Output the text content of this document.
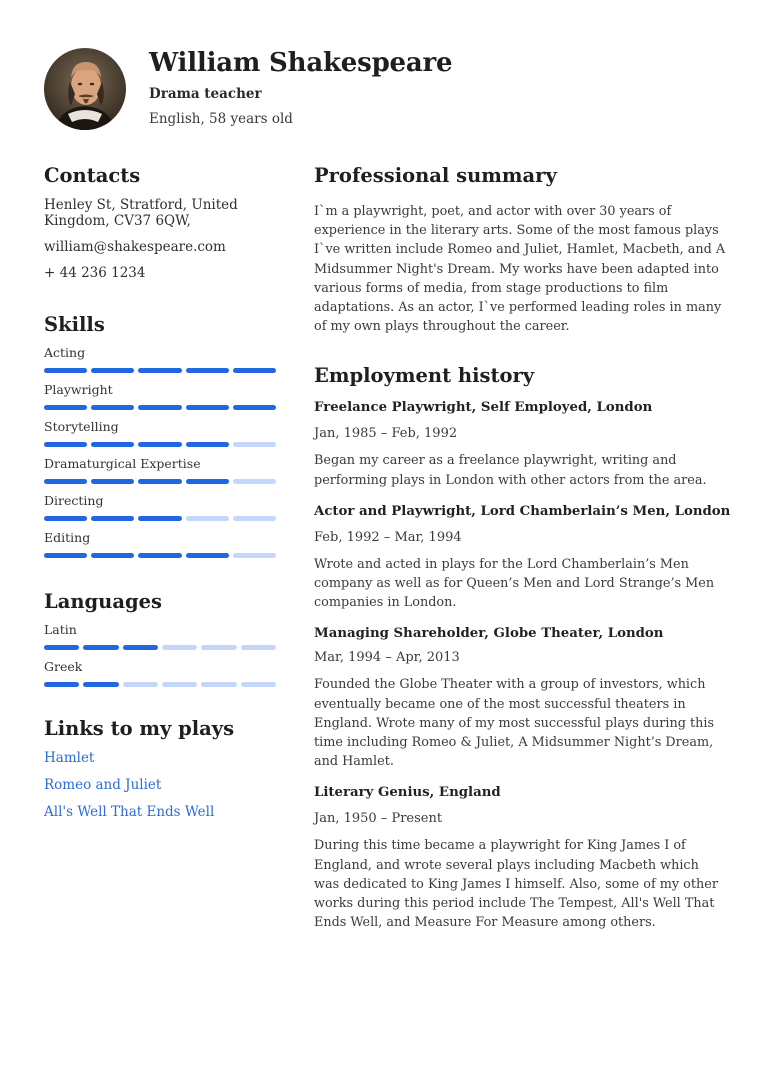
William Shakespeare
Drama teacher
English, 58 years old
Contacts
Henley St, Stratford, United Kingdom, CV37 6QW,
william@shakespeare.com
+ 44 236 1234
Skills
Acting
Playwright
Storytelling
Dramaturgical Expertise
Directing
Editing
Languages
Latin
Greek
Links to my plays
Hamlet
Romeo and Juliet
All's Well That Ends Well
Professional summary

I`m a playwright, poet, and actor with over 30 years of experience in the literary arts. Some of the most famous plays I`ve written include Romeo and Juliet, Hamlet, Macbeth, and A Midsummer Night's Dream. My works have been adapted into various forms of media, from stage productions to film adaptations. As an actor, I`ve performed leading roles in many of my own plays throughout the career.

Employment history
Freelance Playwright, Self Employed, London
Jan, 1985 – Feb, 1992

Began my career as a freelance playwright, writing and performing plays in London with other actors from the area.

Actor and Playwright, Lord Chamberlain’s Men, London
Feb, 1992 – Mar, 1994

Wrote and acted in plays for the Lord Chamberlain’s Men company as well as for Queen’s Men and Lord Strange’s Men companies in London.

Managing Shareholder, Globe Theater, London
Mar, 1994 – Apr, 2013

Founded the Globe Theater with a group of investors, which eventually became one of the most successful theaters in England. Wrote many of my most successful plays during this time including Romeo & Juliet, A Midsummer Night’s Dream, and Hamlet.

Literary Genius, England
Jan, 1950 – Present

During this time became a playwright for King James I of England, and wrote several plays including Macbeth which was dedicated to King James I himself. Also, some of my other works during this period include The Tempest, All's Well That Ends Well, and Measure For Measure among others.
